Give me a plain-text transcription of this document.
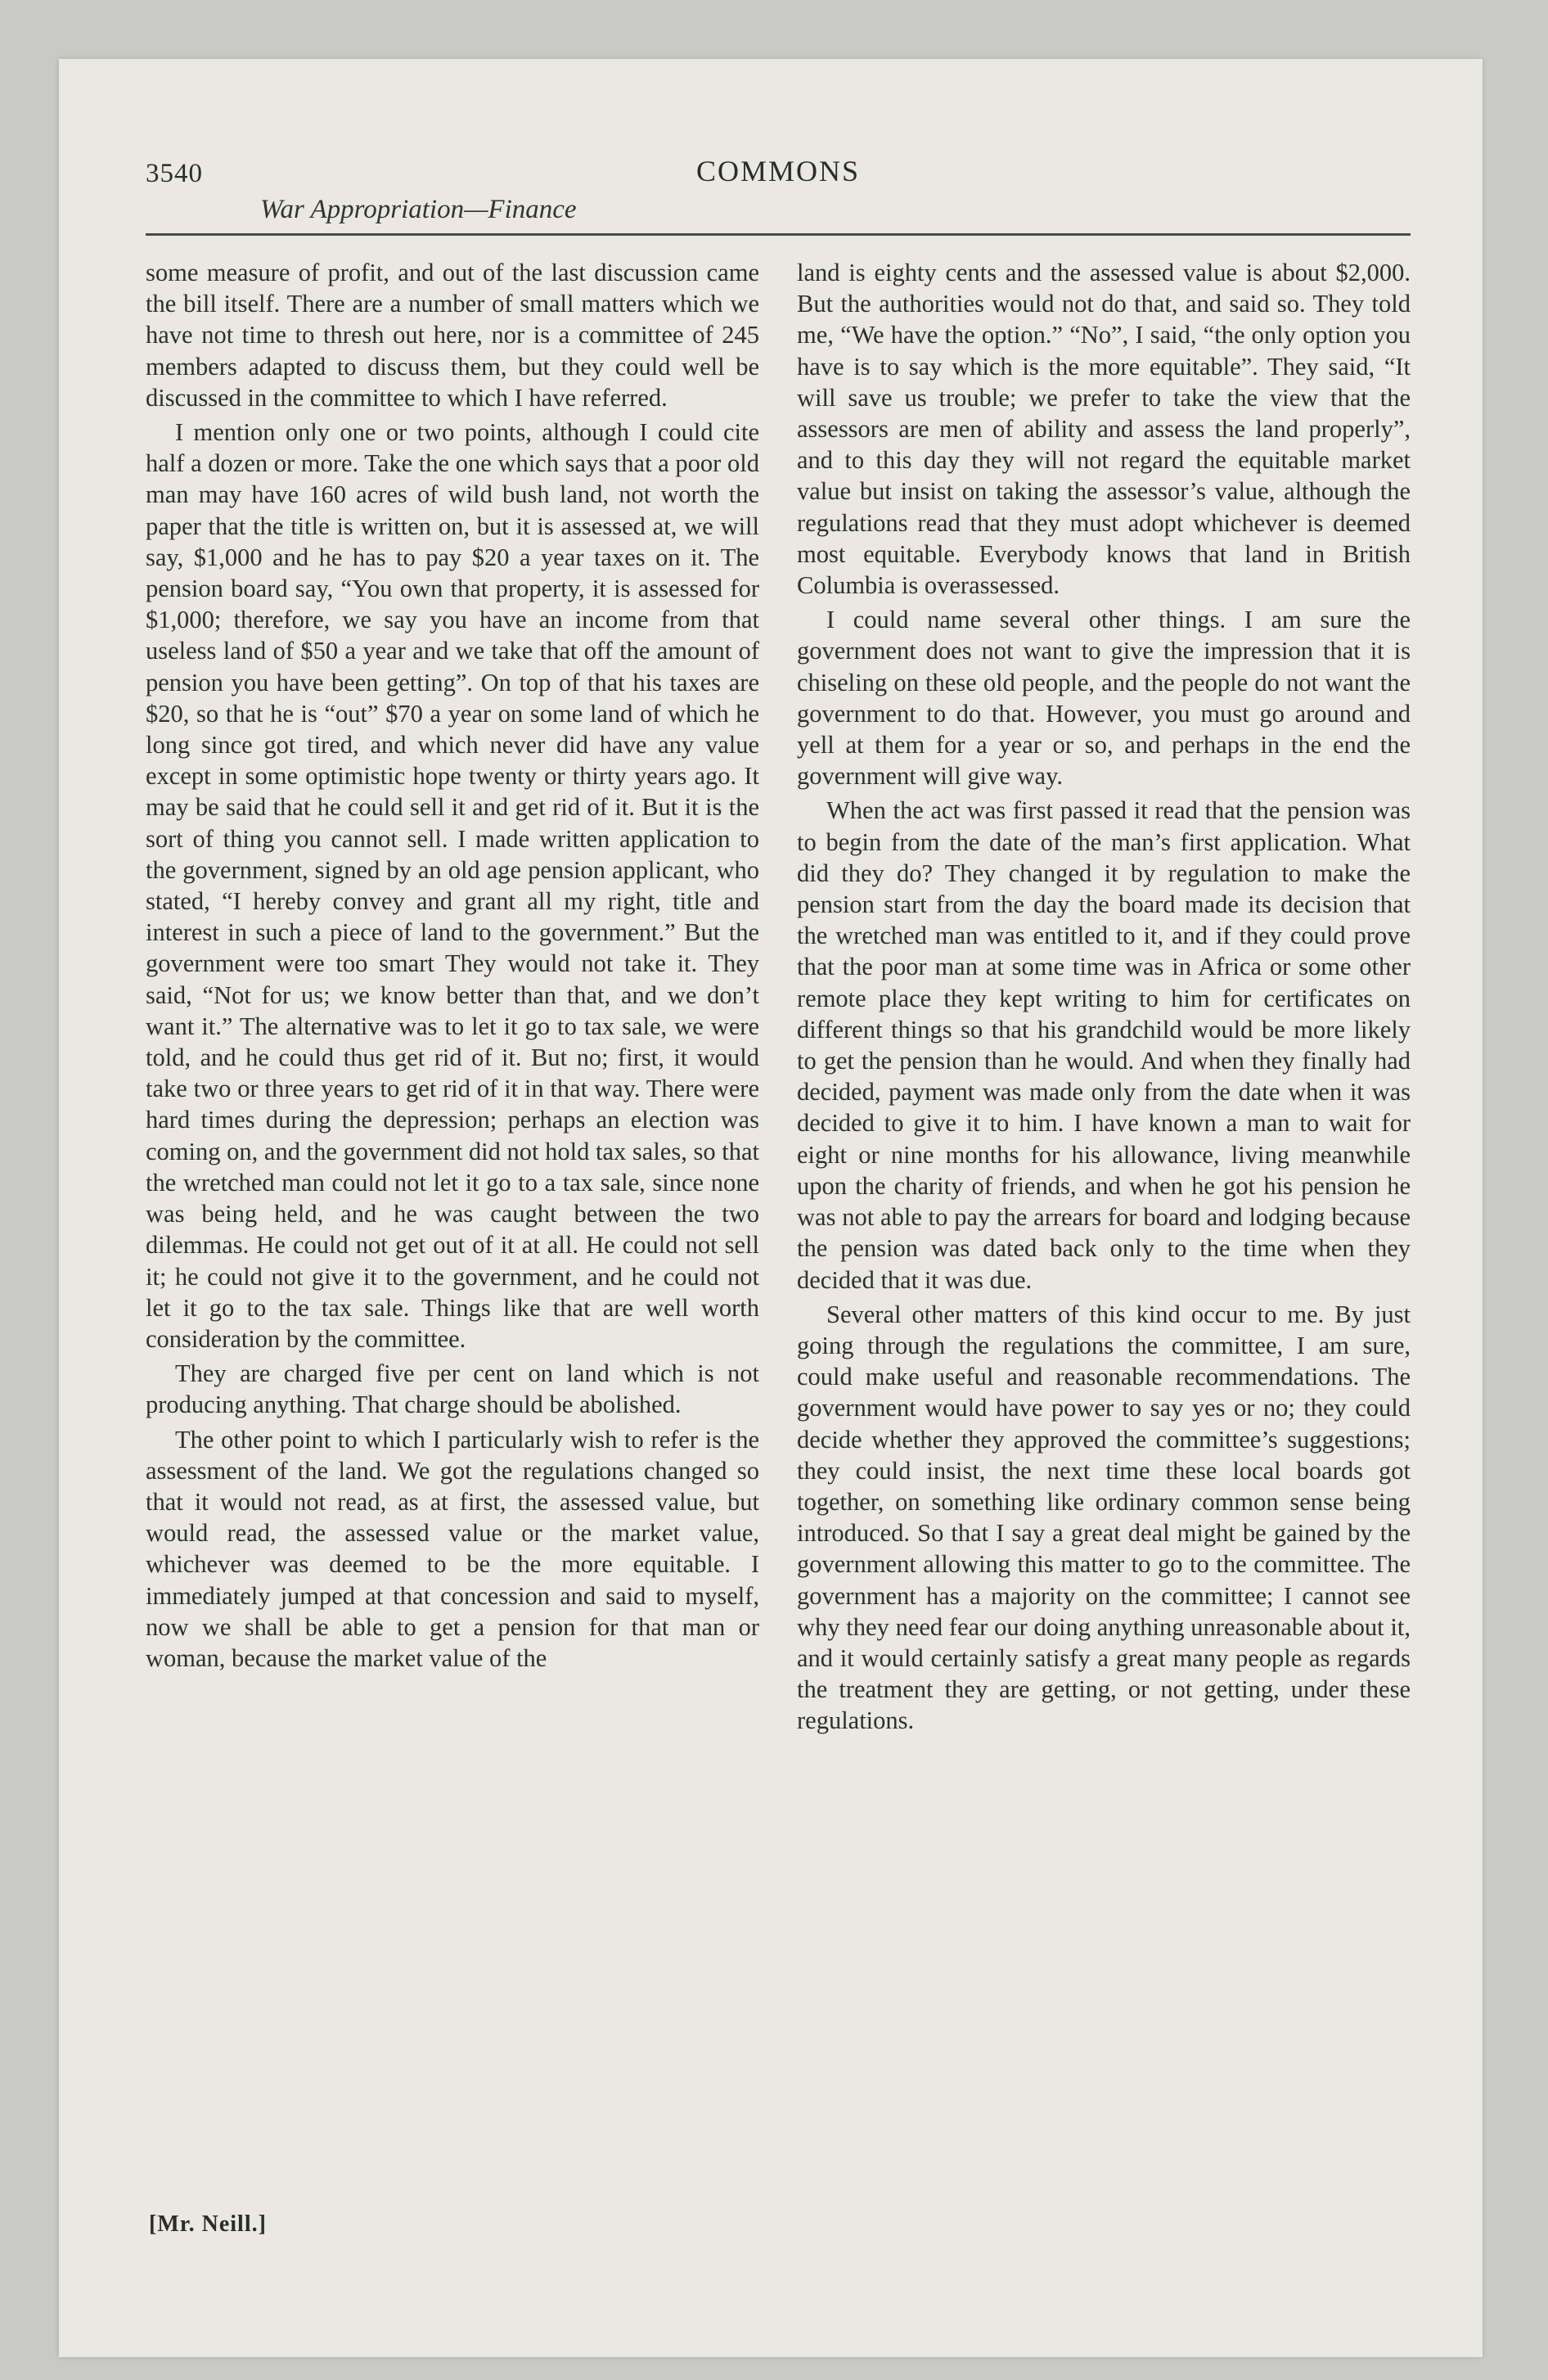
3540	COMMONS
War Appropriation—Finance

some measure of profit, and out of the last discussion came the bill itself. There are a number of small matters which we have not time to thresh out here, nor is a committee of 245 members adapted to discuss them, but they could well be discussed in the committee to which I have referred.

I mention only one or two points, although I could cite half a dozen or more. Take the one which says that a poor old man may have 160 acres of wild bush land, not worth the paper that the title is written on, but it is assessed at, we will say, $1,000 and he has to pay $20 a year taxes on it. The pension board say, “You own that property, it is assessed for $1,000; therefore, we say you have an income from that useless land of $50 a year and we take that off the amount of pension you have been getting”. On top of that his taxes are $20, so that he is “out” $70 a year on some land of which he long since got tired, and which never did have any value except in some optimistic hope twenty or thirty years ago. It may be said that he could sell it and get rid of it. But it is the sort of thing you cannot sell. I made written application to the government, signed by an old age pension applicant, who stated, “I hereby convey and grant all my right, title and interest in such a piece of land to the government.” But the government were too smart They would not take it. They said, “Not for us; we know better than that, and we don’t want it.” The alternative was to let it go to tax sale, we were told, and he could thus get rid of it. But no; first, it would take two or three years to get rid of it in that way. There were hard times during the depression; perhaps an election was coming on, and the government did not hold tax sales, so that the wretched man could not let it go to a tax sale, since none was being held, and he was caught between the two dilemmas. He could not get out of it at all. He could not sell it; he could not give it to the government, and he could not let it go to the tax sale. Things like that are well worth consideration by the committee.

They are charged five per cent on land which is not producing anything. That charge should be abolished.

The other point to which I particularly wish to refer is the assessment of the land. We got the regulations changed so that it would not read, as at first, the assessed value, but would read, the assessed value or the market value, whichever was deemed to be the more equitable. I immediately jumped at that concession and said to myself, now we shall be able to get a pension for that man or woman, because the market value of the

land is eighty cents and the assessed value is about $2,000. But the authorities would not do that, and said so. They told me, “We have the option.” “No”, I said, “the only option you have is to say which is the more equitable”. They said, “It will save us trouble; we prefer to take the view that the assessors are men of ability and assess the land properly”, and to this day they will not regard the equitable market value but insist on taking the assessor’s value, although the regulations read that they must adopt whichever is deemed most equitable. Everybody knows that land in British Columbia is overassessed.

I could name several other things. I am sure the government does not want to give the impression that it is chiseling on these old people, and the people do not want the government to do that. However, you must go around and yell at them for a year or so, and perhaps in the end the government will give way.

When the act was first passed it read that the pension was to begin from the date of the man’s first application. What did they do? They changed it by regulation to make the pension start from the day the board made its decision that the wretched man was entitled to it, and if they could prove that the poor man at some time was in Africa or some other remote place they kept writing to him for certificates on different things so that his grandchild would be more likely to get the pension than he would. And when they finally had decided, payment was made only from the date when it was decided to give it to him. I have known a man to wait for eight or nine months for his allowance, living meanwhile upon the charity of friends, and when he got his pension he was not able to pay the arrears for board and lodging because the pension was dated back only to the time when they decided that it was due.

Several other matters of this kind occur to me. By just going through the regulations the committee, I am sure, could make useful and reasonable recommendations. The government would have power to say yes or no; they could decide whether they approved the committee’s suggestions; they could insist, the next time these local boards got together, on something like ordinary common sense being introduced. So that I say a great deal might be gained by the government allowing this matter to go to the committee. The government has a majority on the committee; I cannot see why they need fear our doing anything unreasonable about it, and it would certainly satisfy a great many people as regards the treatment they are getting, or not getting, under these regulations.

[Mr. Neill.]
